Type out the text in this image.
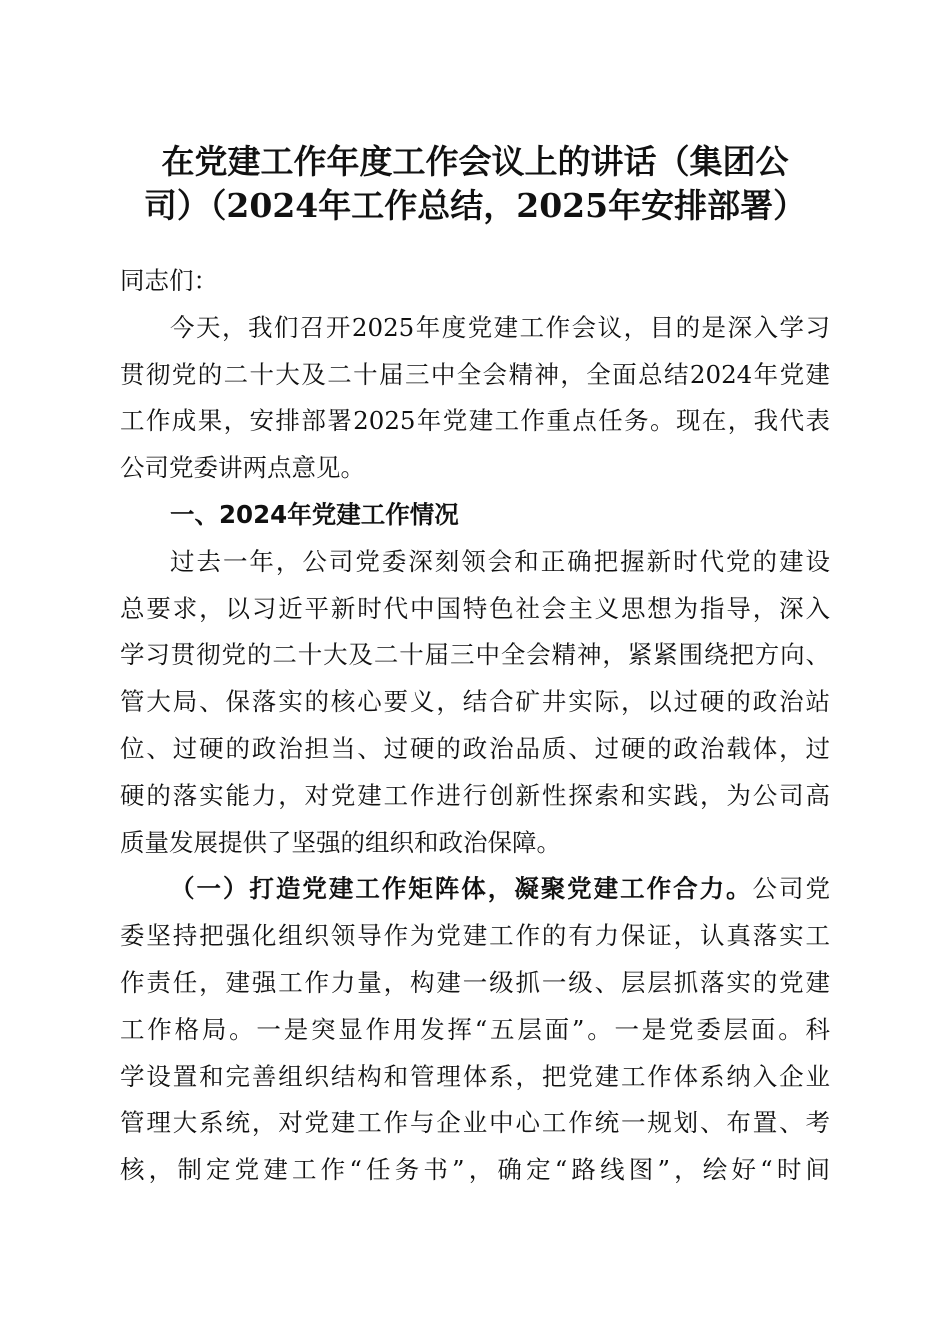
在党建工作年度工作会议上的讲话（集团公
司）（2024年工作总结，2025年安排部署）
同志们：
今天，我们召开2025年度党建工作会议，目的是深入学习
贯彻党的二十大及二十届三中全会精神，全面总结2024年党建
工作成果，安排部署2025年党建工作重点任务。现在，我代表
公司党委讲两点意见。
一、2024年党建工作情况
过去一年，公司党委深刻领会和正确把握新时代党的建设
总要求，以习近平新时代中国特色社会主义思想为指导，深入
学习贯彻党的二十大及二十届三中全会精神，紧紧围绕把方向、
管大局、保落实的核心要义，结合矿井实际，以过硬的政治站
位、过硬的政治担当、过硬的政治品质、过硬的政治载体，过
硬的落实能力，对党建工作进行创新性探索和实践，为公司高
质量发展提供了坚强的组织和政治保障。
（一）打造党建工作矩阵体，凝聚党建工作合力。公司党
委坚持把强化组织领导作为党建工作的有力保证，认真落实工
作责任，建强工作力量，构建一级抓一级、层层抓落实的党建
工作格局。一是突显作用发挥“五层面”。一是党委层面。科
学设置和完善组织结构和管理体系，把党建工作体系纳入企业
管理大系统，对党建工作与企业中心工作统一规划、布置、考
核，制定党建工作“任务书”，确定“路线图”，绘好“时间
